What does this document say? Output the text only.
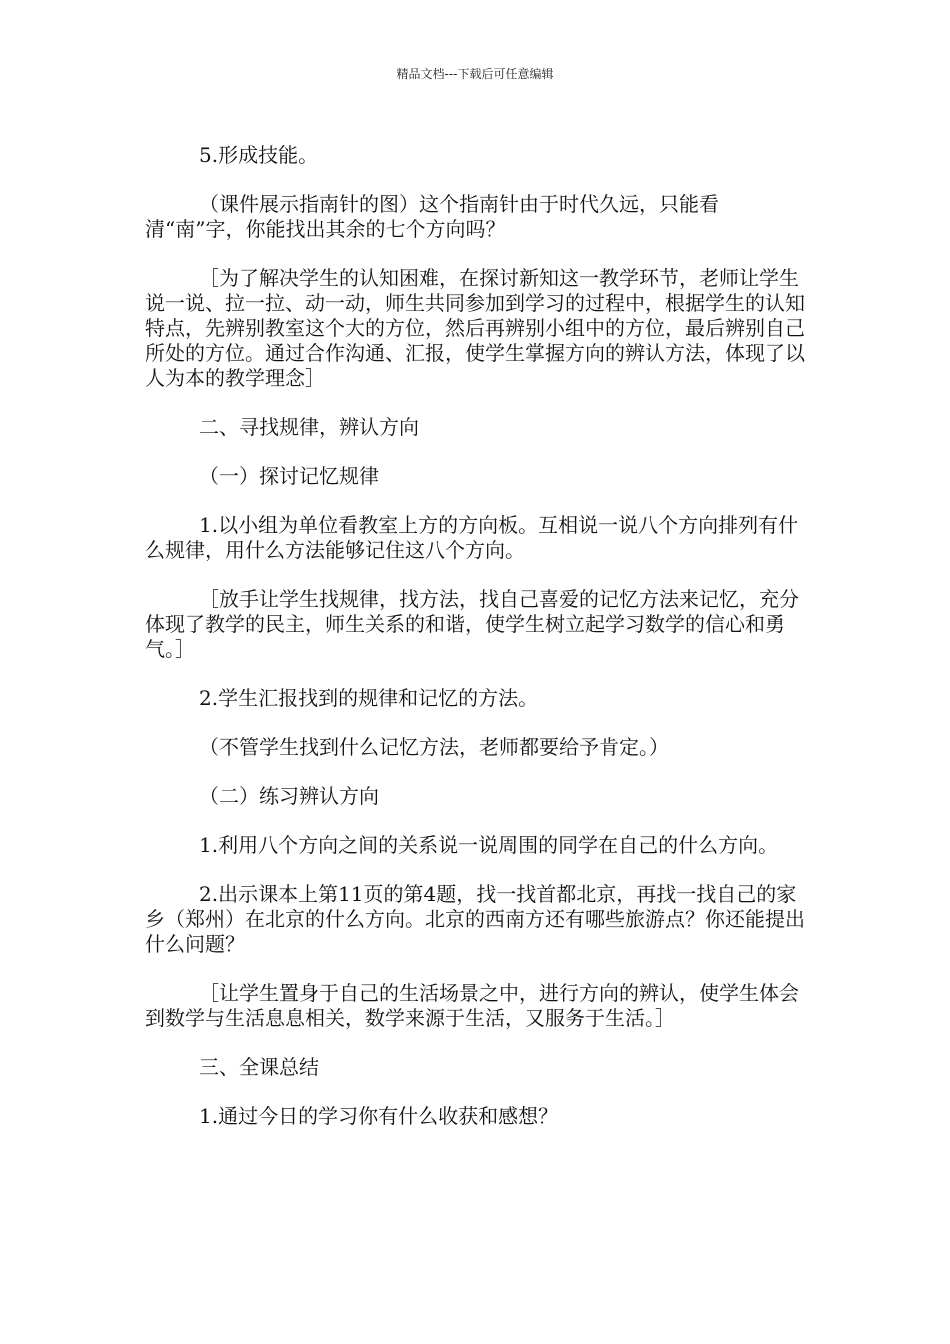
精品文档---下载后可任意编辑

5.形成技能。

（课件展示指南针的图）这个指南针由于时代久远，只能看清“南”字，你能找出其余的七个方向吗？

［为了解决学生的认知困难，在探讨新知这一教学环节，老师让学生说一说、拉一拉、动一动，师生共同参加到学习的过程中，根据学生的认知特点，先辨别教室这个大的方位，然后再辨别小组中的方位，最后辨别自己所处的方位。通过合作沟通、汇报，使学生掌握方向的辨认方法，体现了以人为本的教学理念］

二、寻找规律，辨认方向

（一）探讨记忆规律

1.以小组为单位看教室上方的方向板。互相说一说八个方向排列有什么规律，用什么方法能够记住这八个方向。

［放手让学生找规律，找方法，找自己喜爱的记忆方法来记忆，充分体现了教学的民主，师生关系的和谐，使学生树立起学习数学的信心和勇气。］

2.学生汇报找到的规律和记忆的方法。

（不管学生找到什么记忆方法，老师都要给予肯定。）

（二）练习辨认方向

1.利用八个方向之间的关系说一说周围的同学在自己的什么方向。

2.出示课本上第11页的第4题，找一找首都北京，再找一找自己的家乡（郑州）在北京的什么方向。北京的西南方还有哪些旅游点？你还能提出什么问题？

［让学生置身于自己的生活场景之中，进行方向的辨认，使学生体会到数学与生活息息相关，数学来源于生活，又服务于生活。］

三、全课总结

1.通过今日的学习你有什么收获和感想？
